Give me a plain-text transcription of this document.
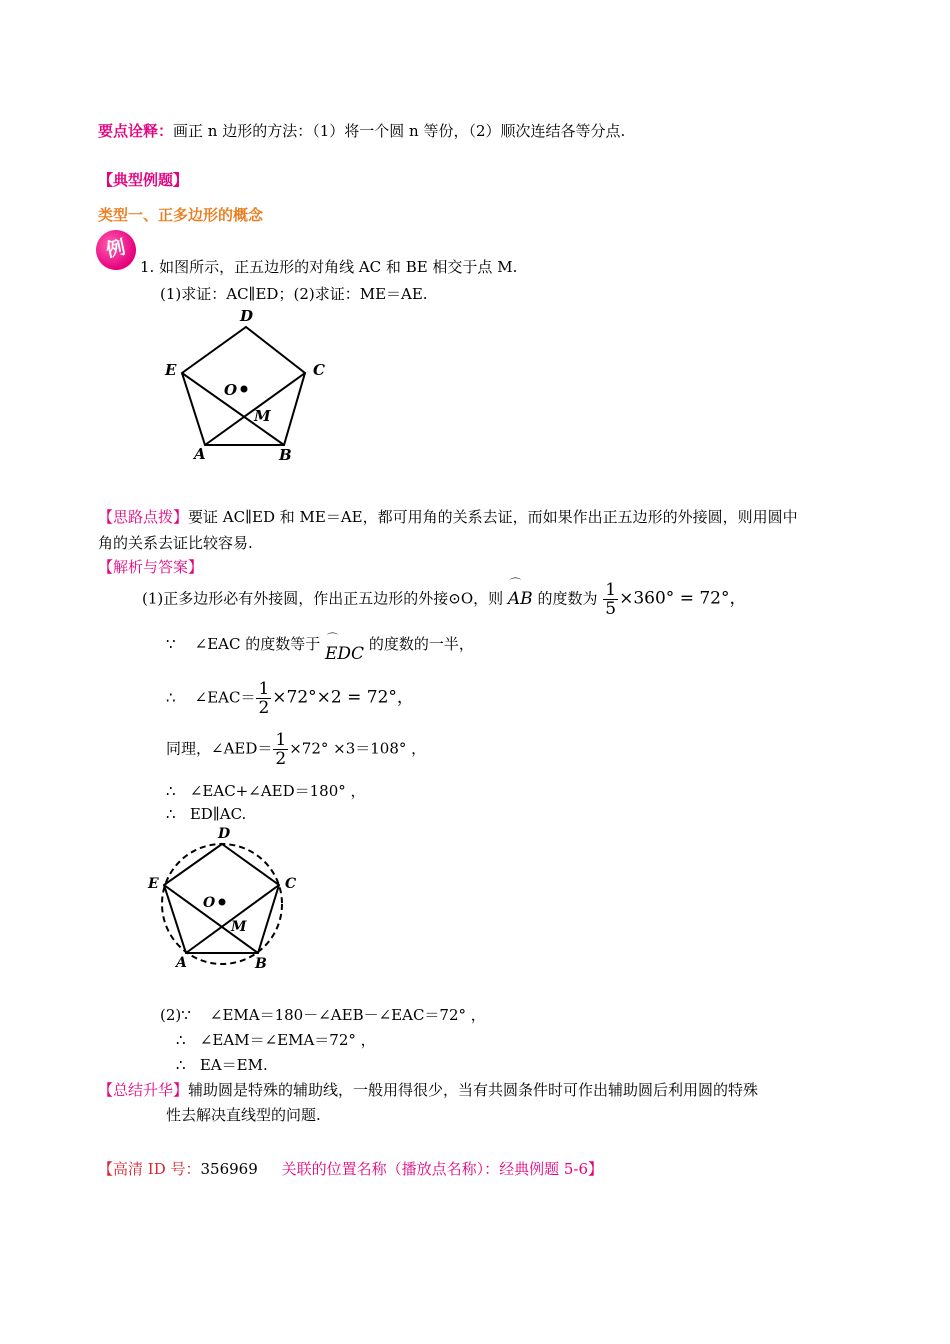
要点诠释：画正 n 边形的方法：（1）将一个圆 n 等份，（2）顺次连结各等分点.
【典型例题】
类型一、正多边形的概念
例
1. 如图所示，正五边形的对角线 AC 和 BE 相交于点 M.
(1)求证：AC∥ED；(2)求证：ME＝AE.
D
E	C
O
M
A	B
【思路点拨】要证 AC∥ED 和 ME＝AE，都可用角的关系去证，而如果作出正五边形的外接圆，则用圆中
角的关系去证比较容易.
【解析与答案】
(1)正多边形必有外接圆，作出正五边形的外接⊙O，则
⌒
AB 的度数为 $\frac{1}{5} \times 360^\circ = 72^\circ$，
∵ ∠EAC 的度数等于 ⌒
EDC 的度数的一半，
∴ ∠EAC＝ $\frac{1}{2} \times 72^\circ\times 2 = 72^\circ$，
同理，∠AED＝ $\frac{1}{2} \times 72^\circ \times 3=108^\circ$ ，
∴ ∠EAC+∠AED＝180° ，
∴ ED∥AC.
D
E	C
O
M
A	B
(2)∵ ∠EMA＝180－∠AEB－∠EAC＝72° ，
∴ ∠EAM＝∠EMA＝72° ，
∴ EA＝EM.
【总结升华】辅助圆是特殊的辅助线，一般用得很少，当有共圆条件时可作出辅助圆后利用圆的特殊
性去解决直线型的问题.
【高清 ID 号：356969 关联的位置名称（播放点名称）：经典例题 5-6】
